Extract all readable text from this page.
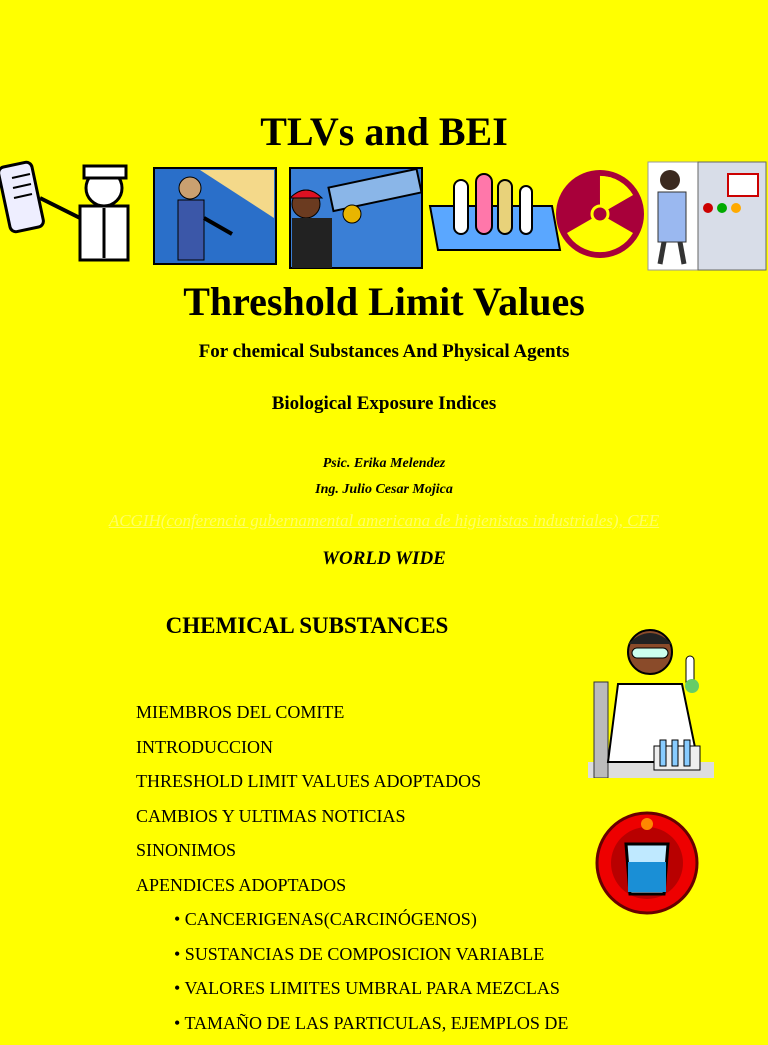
TLVs and BEI
Threshold Limit Values
For chemical Substances And Physical Agents
Biological Exposure Indices
Psic. Erika Melendez
Ing. Julio Cesar Mojica
ACGIH(conferencia gubernamental americana de higienistas industriales), CEE
WORLD WIDE
CHEMICAL SUBSTANCES
MIEMBROS DEL COMITE
INTRODUCCION
THRESHOLD LIMIT VALUES ADOPTADOS
CAMBIOS Y ULTIMAS NOTICIAS
SINONIMOS
APENDICES ADOPTADOS
• CANCERIGENAS(CARCINÓGENOS)
• SUSTANCIAS DE COMPOSICION VARIABLE
• VALORES LIMITES UMBRAL PARA MEZCLAS
• TAMAÑO DE LAS PARTICULAS, EJEMPLOS DE
